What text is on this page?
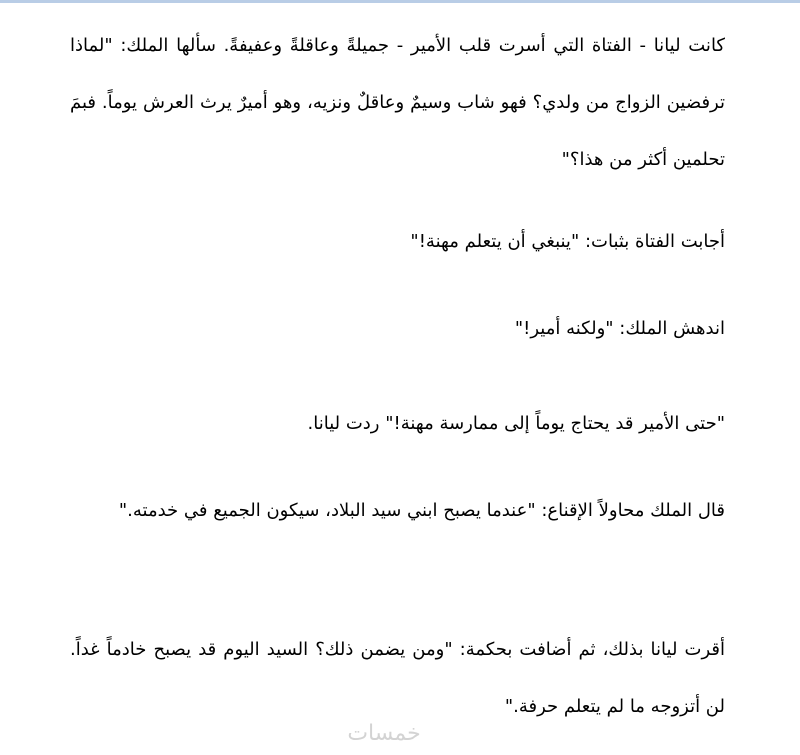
كانت ليانا - الفتاة التي أسرت قلب الأمير - جميلةً وعاقلةً وعفيفةً. سألها الملك: "لماذا ترفضين الزواج من ولدي؟ فهو شاب وسيمٌ وعاقلٌ ونزيه، وهو أميرٌ يرث العرش يوماً. فبمَ تحلمين أكثر من هذا؟"

أجابت الفتاة بثبات: "ينبغي أن يتعلم مهنة!"

اندهش الملك: "ولكنه أمير!"

"حتى الأمير قد يحتاج يوماً إلى ممارسة مهنة!" ردت ليانا.

قال الملك محاولاً الإقناع: "عندما يصبح ابني سيد البلاد، سيكون الجميع في خدمته."

أقرت ليانا بذلك، ثم أضافت بحكمة: "ومن يضمن ذلك؟ السيد اليوم قد يصبح خادماً غداً. لن أتزوجه ما لم يتعلم حرفة."

خمسات
